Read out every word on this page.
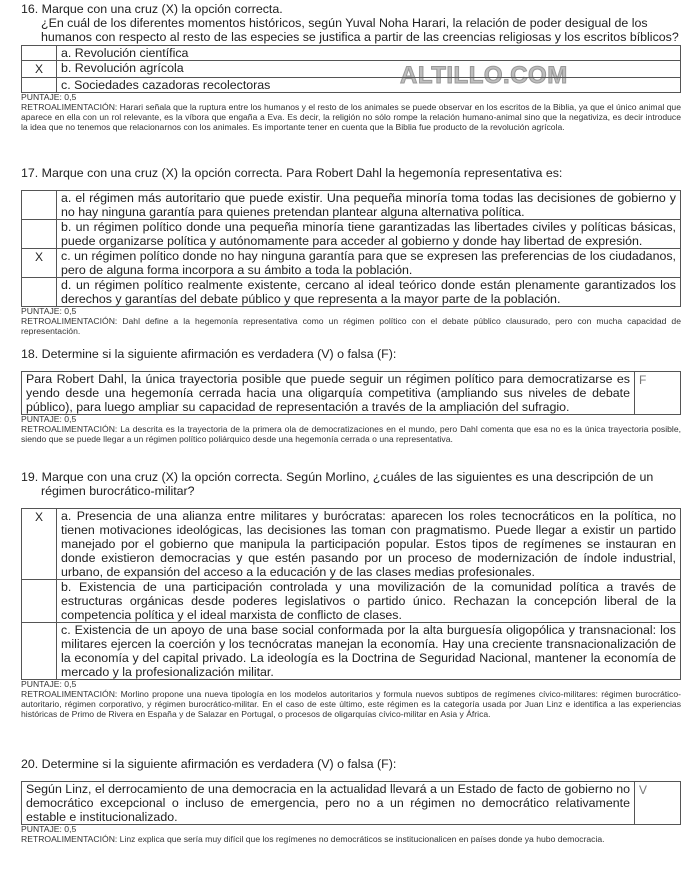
ALTILLO.COM
16. Marque con una cruz (X) la opción correcta.
¿En cuál de los diferentes momentos históricos, según Yuval Noha Harari, la relación de poder desigual de los humanos con respecto al resto de las especies se justifica a partir de las creencias religiosas y los escritos bíblicos?
	a. Revolución científica
X	b. Revolución agrícola
	c. Sociedades cazadoras recolectoras
PUNTAJE: 0,5
RETROALIMENTACIÓN: Harari señala que la ruptura entre los humanos y el resto de los animales se puede observar en los escritos de la Biblia, ya que el único animal que aparece en ella con un rol relevante, es la víbora que engaña a Eva. Es decir, la religión no sólo rompe la relación humano-animal sino que la negativiza, es decir introduce la idea que no tenemos que relacionarnos con los animales. Es importante tener en cuenta que la Biblia fue producto de la revolución agrícola.
17. Marque con una cruz (X) la opción correcta. Para Robert Dahl la hegemonía representativa es:
	a. el régimen más autoritario que puede existir. Una pequeña minoría toma todas las decisiones de gobierno y no hay ninguna garantía para quienes pretendan plantear alguna alternativa política.
	b. un régimen político donde una pequeña minoría tiene garantizadas las libertades civiles y políticas básicas, puede organizarse política y autónomamente para acceder al gobierno y donde hay libertad de expresión.
X	c. un régimen político donde no hay ninguna garantía para que se expresen las preferencias de los ciudadanos, pero de alguna forma incorpora a su ámbito a toda la población.
	d. un régimen político realmente existente, cercano al ideal teórico donde están plenamente garantizados los derechos y garantías del debate público y que representa a la mayor parte de la población.
PUNTAJE: 0,5
RETROALIMENTACIÓN: Dahl define a la hegemonía representativa como un régimen político con el debate público clausurado, pero con mucha capacidad de representación.
18. Determine si la siguiente afirmación es verdadera (V) o falsa (F):
Para Robert Dahl, la única trayectoria posible que puede seguir un régimen político para democratizarse es yendo desde una hegemonía cerrada hacia una oligarquía competitiva (ampliando sus niveles de debate público), para luego ampliar su capacidad de representación a través de la ampliación del sufragio.	F
PUNTAJE: 0,5
RETROALIMENTACIÓN: La descrita es la trayectoria de la primera ola de democratizaciones en el mundo, pero Dahl comenta que esa no es la única trayectoria posible, siendo que se puede llegar a un régimen político poliárquico desde una hegemonía cerrada o una representativa.
19. Marque con una cruz (X) la opción correcta. Según Morlino, ¿cuáles de las siguientes es una descripción de un régimen burocrático-militar?
X	a. Presencia de una alianza entre militares y burócratas: aparecen los roles tecnocráticos en la política, no tienen motivaciones ideológicas, las decisiones las toman con pragmatismo. Puede llegar a existir un partido manejado por el gobierno que manipula la participación popular. Estos tipos de regímenes se instauran en donde existieron democracias y que estén pasando por un proceso de modernización de índole industrial, urbano, de expansión del acceso a la educación y de las clases medias profesionales.
	b. Existencia de una participación controlada y una movilización de la comunidad política a través de estructuras orgánicas desde poderes legislativos o partido único. Rechazan la concepción liberal de la competencia política y el ideal marxista de conflicto de clases.
	c. Existencia de un apoyo de una base social conformada por la alta burguesía oligopólica y transnacional: los militares ejercen la coerción y los tecnócratas manejan la economía. Hay una creciente transnacionalización de la economía y del capital privado. La ideología es la Doctrina de Seguridad Nacional, mantener la economía de mercado y la profesionalización militar.
PUNTAJE: 0,5
RETROALIMENTACIÓN: Morlino propone una nueva tipología en los modelos autoritarios y formula nuevos subtipos de regímenes cívico-militares: régimen burocrático-autoritario, régimen corporativo, y régimen burocrático-militar. En el caso de este último, este régimen es la categoría usada por Juan Linz e identifica a las experiencias históricas de Primo de Rivera en España y de Salazar en Portugal, o procesos de oligarquías cívico-militar en Asia y África.
20. Determine si la siguiente afirmación es verdadera (V) o falsa (F):
Según Linz, el derrocamiento de una democracia en la actualidad llevará a un Estado de facto de gobierno no democrático excepcional o incluso de emergencia, pero no a un régimen no democrático relativamente estable e institucionalizado.	V
PUNTAJE: 0,5
RETROALIMENTACIÓN: Linz explica que sería muy difícil que los regímenes no democráticos se institucionalicen en países donde ya hubo democracia.
